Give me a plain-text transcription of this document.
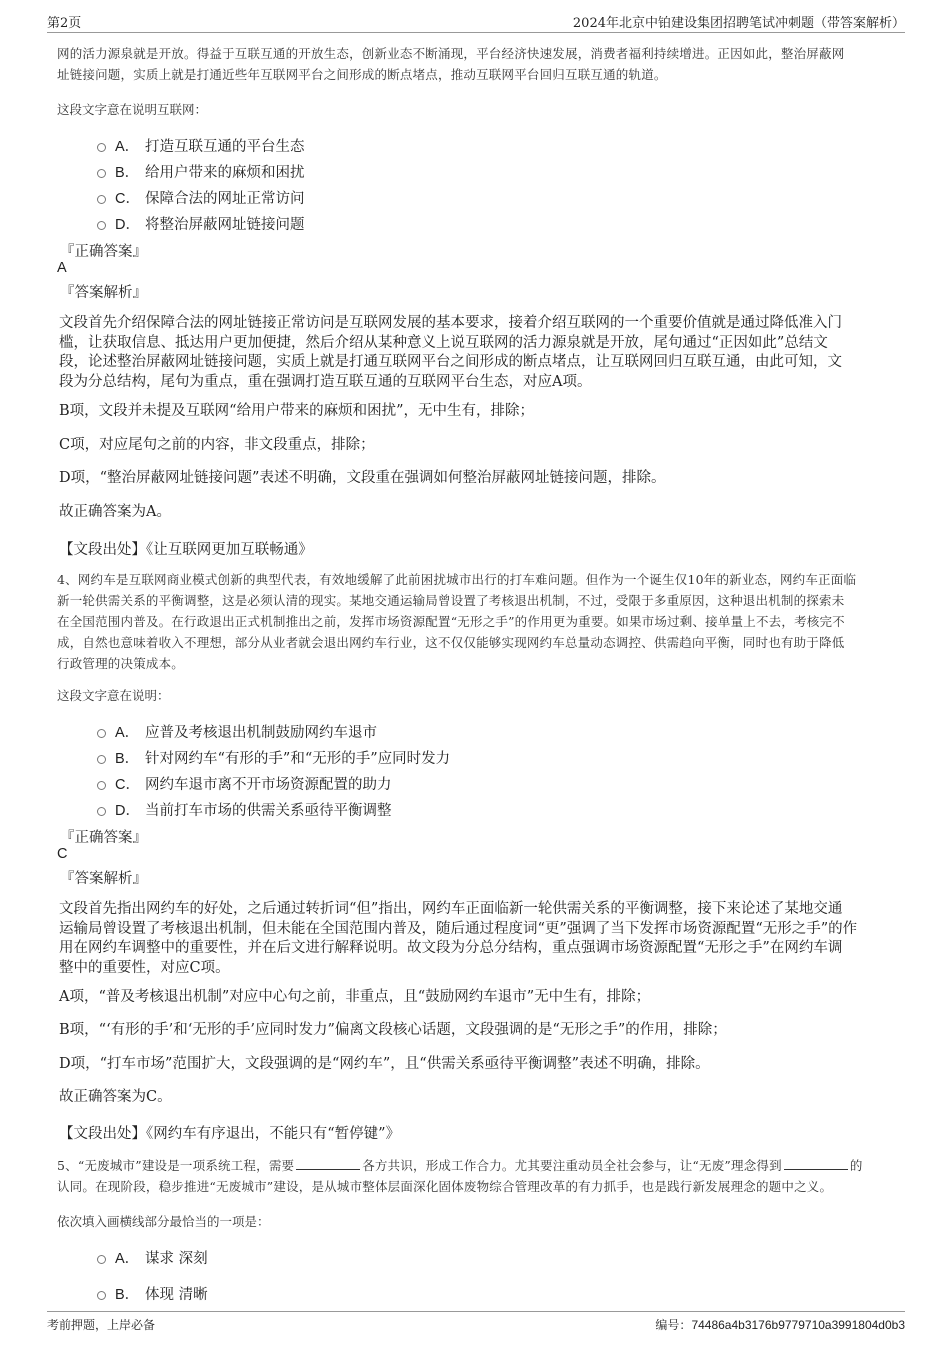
第2页	2024年北京中铂建设集团招聘笔试冲刺题（带答案解析）
网的活力源泉就是开放。得益于互联互通的开放生态，创新业态不断涌现，平台经济快速发展，消费者福利持续增进。正因如此，整治屏蔽网
址链接问题，实质上就是打通近些年互联网平台之间形成的断点堵点，推动互联网平台回归互联互通的轨道。
这段文字意在说明互联网：
A． 打造互联互通的平台生态
B． 给用户带来的麻烦和困扰
C． 保障合法的网址正常访问
D． 将整治屏蔽网址链接问题
『正确答案』
A
『答案解析』
文段首先介绍保障合法的网址链接正常访问是互联网发展的基本要求，接着介绍互联网的一个重要价值就是通过降低准入门
槛，让获取信息、抵达用户更加便捷，然后介绍从某种意义上说互联网的活力源泉就是开放，尾句通过“正因如此”总结文
段，论述整治屏蔽网址链接问题，实质上就是打通互联网平台之间形成的断点堵点，让互联网回归互联互通，由此可知，文
段为分总结构，尾句为重点，重在强调打造互联互通的互联网平台生态，对应A项。
B项，文段并未提及互联网“给用户带来的麻烦和困扰”，无中生有，排除；
C项，对应尾句之前的内容，非文段重点，排除；
D项，“整治屏蔽网址链接问题”表述不明确，文段重在强调如何整治屏蔽网址链接问题，排除。
故正确答案为A。
【文段出处】《让互联网更加互联畅通》
4、网约车是互联网商业模式创新的典型代表，有效地缓解了此前困扰城市出行的打车难问题。但作为一个诞生仅10年的新业态，网约车正面临
新一轮供需关系的平衡调整，这是必须认清的现实。某地交通运输局曾设置了考核退出机制，不过，受限于多重原因，这种退出机制的探索未
在全国范围内普及。在行政退出正式机制推出之前，发挥市场资源配置“无形之手”的作用更为重要。如果市场过剩、接单量上不去，考核完不
成，自然也意味着收入不理想，部分从业者就会退出网约车行业，这不仅仅能够实现网约车总量动态调控、供需趋向平衡，同时也有助于降低
行政管理的决策成本。
这段文字意在说明：
A． 应普及考核退出机制鼓励网约车退市
B． 针对网约车“有形的手”和“无形的手”应同时发力
C． 网约车退市离不开市场资源配置的助力
D． 当前打车市场的供需关系亟待平衡调整
『正确答案』
C
『答案解析』
文段首先指出网约车的好处，之后通过转折词“但”指出，网约车正面临新一轮供需关系的平衡调整，接下来论述了某地交通
运输局曾设置了考核退出机制，但未能在全国范围内普及，随后通过程度词“更”强调了当下发挥市场资源配置“无形之手”的作
用在网约车调整中的重要性，并在后文进行解释说明。故文段为分总分结构，重点强调市场资源配置“无形之手”在网约车调
整中的重要性，对应C项。
A项，“普及考核退出机制”对应中心句之前，非重点，且“鼓励网约车退市”无中生有，排除；
B项，“‘有形的手’和‘无形的手’应同时发力”偏离文段核心话题，文段强调的是“无形之手”的作用，排除；
D项，“打车市场”范围扩大，文段强调的是“网约车”，且“供需关系亟待平衡调整”表述不明确，排除。
故正确答案为C。
【文段出处】《网约车有序退出，不能只有“暂停键”》
5、“无废城市”建设是一项系统工程，需要	各方共识，形成工作合力。尤其要注重动员全社会参与，让“无废”理念得到	的
认同。在现阶段，稳步推进“无废城市”建设，是从城市整体层面深化固体废物综合管理改革的有力抓手，也是践行新发展理念的题中之义。
依次填入画横线部分最恰当的一项是：
A． 谋求 深刻
B． 体现 清晰
考前押题，上岸必备	编号：74486a4b3176b9779710a3991804d0b3
